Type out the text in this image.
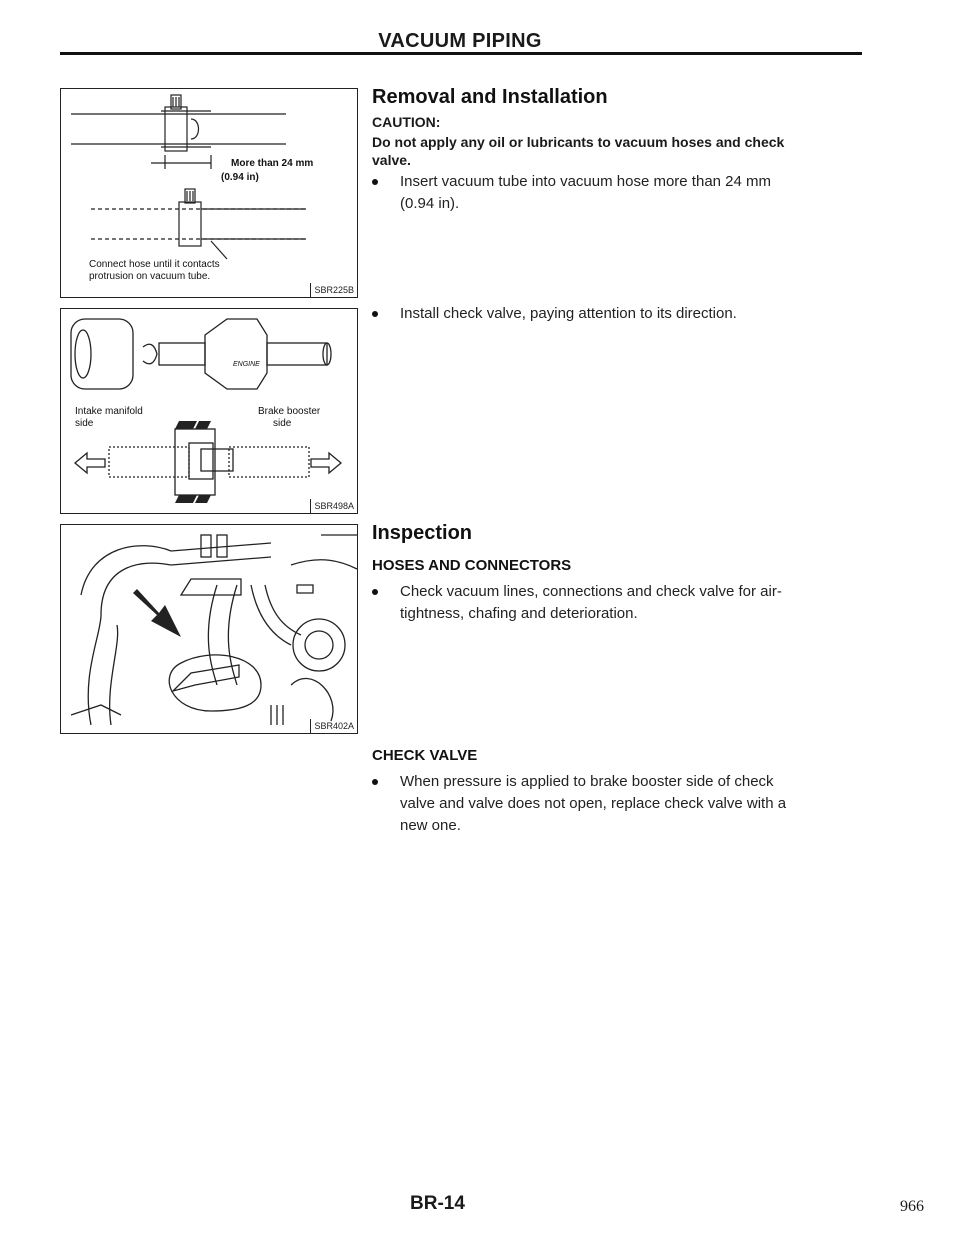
VACUUM PIPING
More than 24 mm
(0.94 in)
Connect hose until it contacts
protrusion on vacuum tube.
SBR225B
ENGINE
Intake manifold
side
Brake booster
side
SBR498A
SBR402A
Removal and Installation
CAUTION:
Do not apply any oil or lubricants to vacuum hoses and check
valve.
Insert vacuum tube into vacuum hose more than 24 mm
(0.94 in).
Install check valve, paying attention to its direction.
Inspection
HOSES AND CONNECTORS
Check vacuum lines, connections and check valve for air-
tightness, chafing and deterioration.
CHECK VALVE
When pressure is applied to brake booster side of check
valve and valve does not open, replace check valve with a
new one.
BR-14	966
